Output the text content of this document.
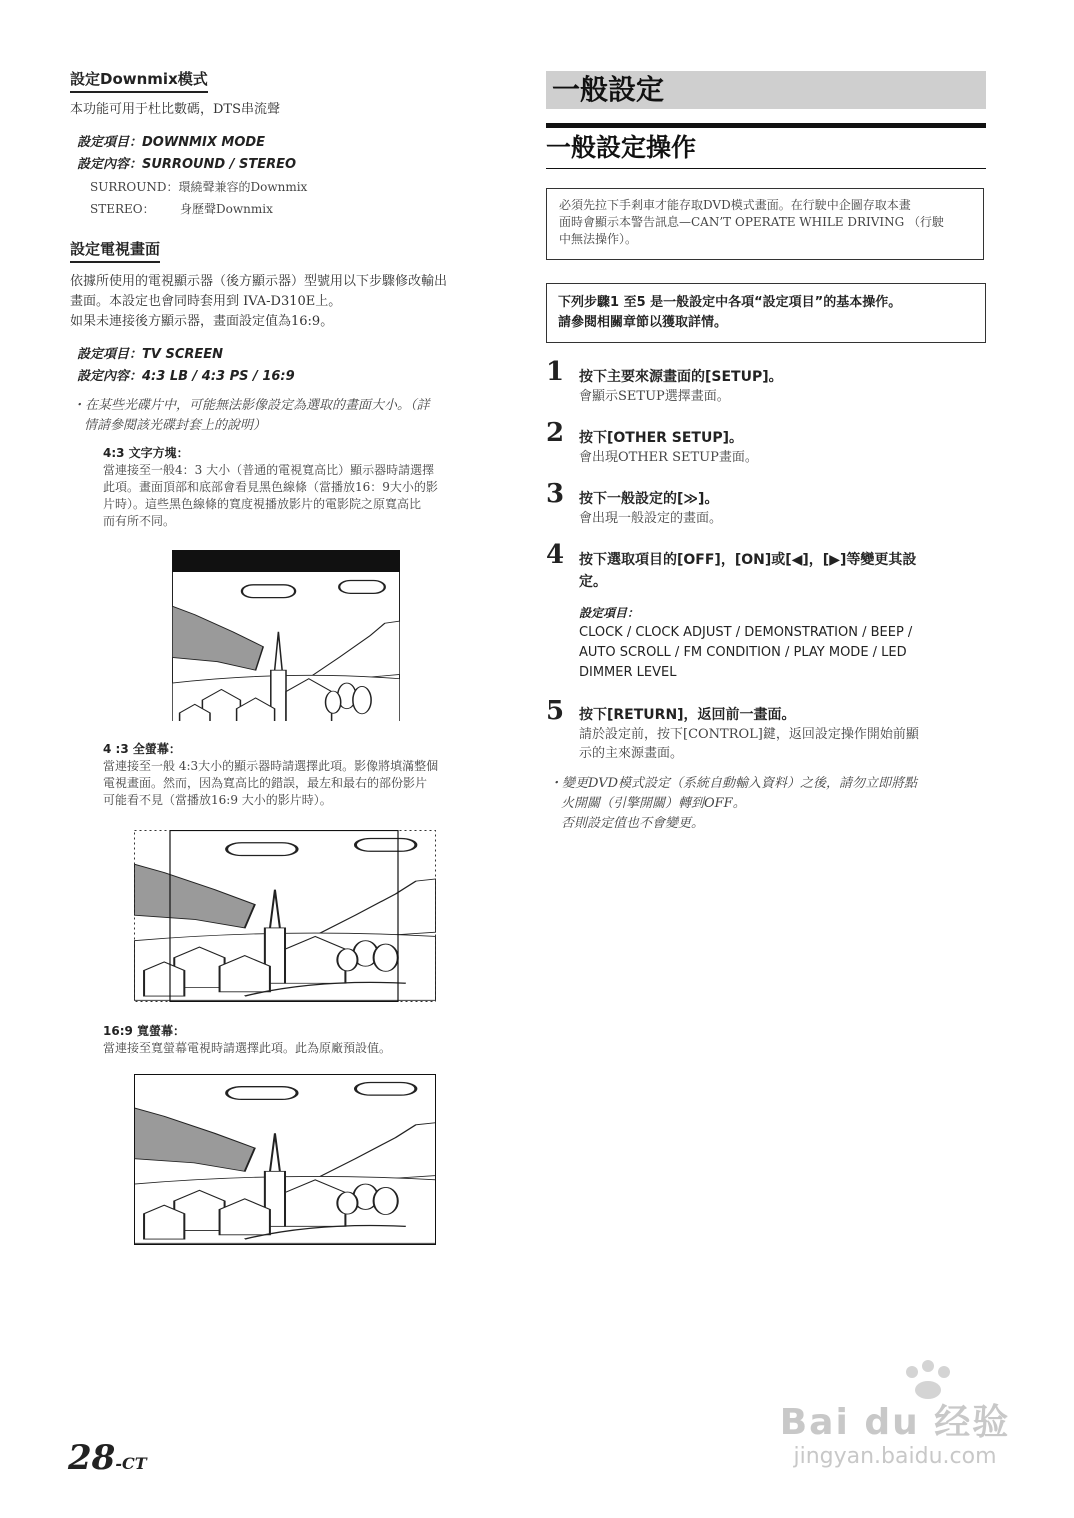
設定Downmix模式
本功能可用于杜比數碼，DTS串流聲
設定項目：DOWNMIX MODE
設定內容：SURROUND / STEREO
SURROUND：環繞聲兼容的Downmix
STEREO： 身歷聲Downmix
設定電視畫面
依據所使用的電視顯示器（後方顯示器）型號用以下步驟修改輸出
畫面。本設定也會同時套用到 IVA-D310E上。
如果未連接後方顯示器，畫面設定值為16:9。
設定項目：TV SCREEN
設定內容：4:3 LB / 4:3 PS / 16:9
・在某些光碟片中，可能無法影像設定為選取的畫面大小。（詳
情請參閱該光碟封套上的說明）
4:3 文字方塊：
當連接至一般4：3 大小（普通的電視寬高比）顯示器時請選擇
此項。畫面頂部和底部會看見黑色線條（當播放16：9大小的影
片時）。這些黑色線條的寬度視播放影片的電影院之原寬高比
而有所不同。
4 :3 全螢幕：
當連接至一般 4:3大小的顯示器時請選擇此項。影像將填滿整個
電視畫面。然而，因為寬高比的錯誤，最左和最右的部份影片
可能看不見（當播放16:9 大小的影片時）。
16:9 寬螢幕：
當連接至寬螢幕電視時請選擇此項。此為原廠預設值。
28-CT
一般設定
一般設定操作
必須先拉下手剎車才能存取DVD模式畫面。在行駛中企圖存取本畫
面時會顯示本警告訊息—CAN’T OPERATE WHILE DRIVING （行駛
中無法操作）。
下列步驟1 至5 是一般設定中各項“設定項目”的基本操作。
請參閱相關章節以獲取詳情。
1 按下主要來源畫面的[SETUP]。
會顯示SETUP選擇畫面。
2 按下[OTHER SETUP]。
會出現OTHER SETUP畫面。
3 按下一般設定的[≫]。
會出現一般設定的畫面。
4 按下選取項目的[OFF]，[ON]或[◀]，[▶]等變更其設
定。
設定項目：
CLOCK / CLOCK ADJUST / DEMONSTRATION / BEEP /
AUTO SCROLL / FM CONDITION / PLAY MODE / LED
DIMMER LEVEL
5 按下[RETURN]，返回前一畫面。
請於設定前，按下[CONTROL]鍵，返回設定操作開始前顯
示的主來源畫面。
・變更DVD模式設定（系統自動輸入資料）之後，請勿立即將點
火開關（引擎開關）轉到OFF。
否則設定值也不會變更。
Bai du 经验
jingyan.baidu.com
